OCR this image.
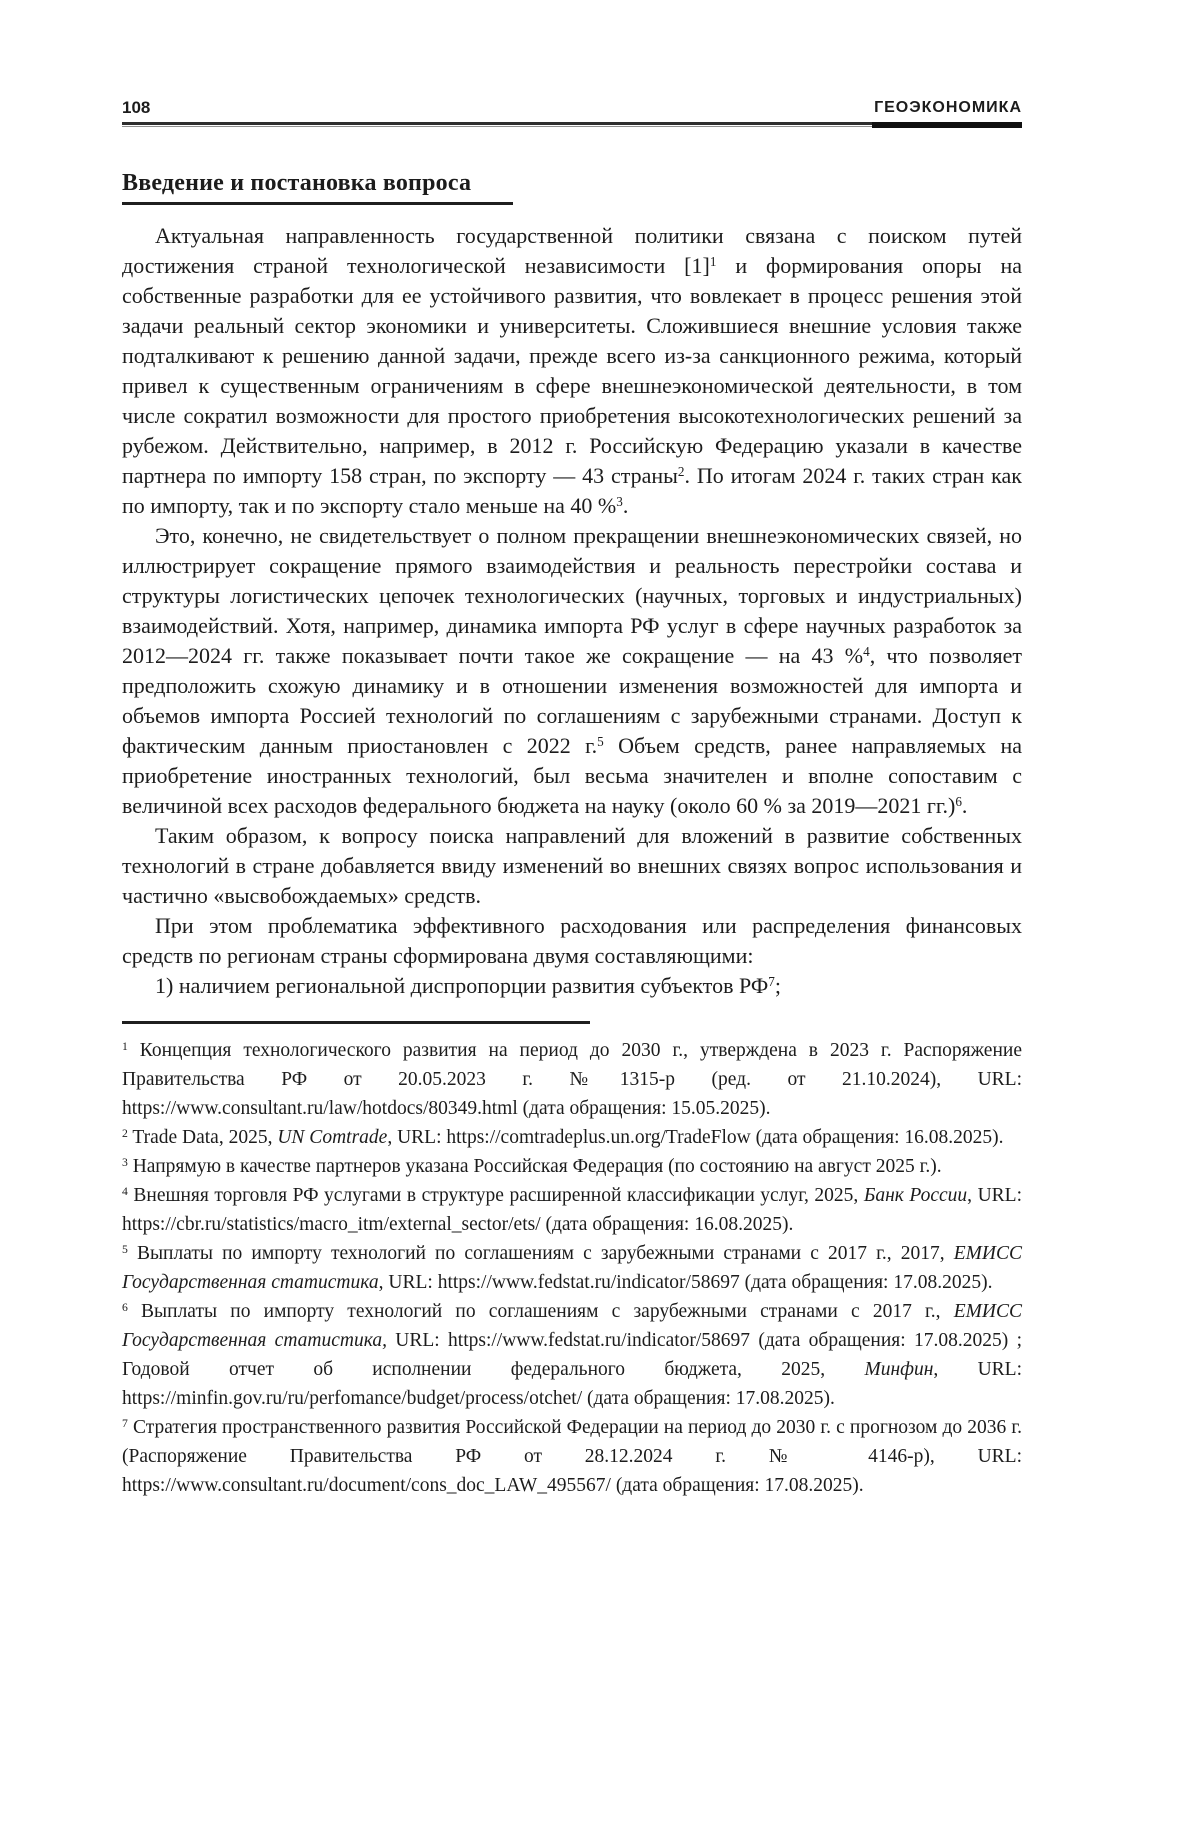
108	ГЕОЭКОНОМИКА
Введение и постановка вопроса

Актуальная направленность государственной политики связана с поиском путей достижения страной технологической независимости $[1]^1$ и формирования опоры на собственные разработки для ее устойчивого развития, что вовлекает в процесс решения этой задачи реальный сектор экономики и университеты. Сложившиеся внешние условия также подталкивают к решению данной задачи, прежде всего из-за санкционного режима, который привел к существенным ограничениям в сфере внешнеэкономической деятельности, в том числе сократил возможности для простого приобретения высокотехнологических решений за рубежом. Действительно, например, в 2012 г. Российскую Федерацию указали в качестве партнера по импорту 158 стран, по экспорту — 43 страны$^2$. По итогам 2024 г. таких стран как по импорту, так и по экспорту стало меньше на 40 %$^3$.

Это, конечно, не свидетельствует о полном прекращении внешнеэкономических связей, но иллюстрирует сокращение прямого взаимодействия и реальность перестройки состава и структуры логистических цепочек технологических (научных, торговых и индустриальных) взаимодействий. Хотя, например, динамика импорта РФ услуг в сфере научных разработок за 2012—2024 гг. также показывает почти такое же сокращение — на 43 %$^4$, что позволяет предположить схожую динамику и в отношении изменения возможностей для импорта и объемов импорта Россией технологий по соглашениям с зарубежными странами. Доступ к фактическим данным приостановлен с 2022 г.$^5$ Объем средств, ранее направляемых на приобретение иностранных технологий, был весьма значителен и вполне сопоставим с величиной всех расходов федерального бюджета на науку (около 60 % за 2019—2021 гг.)$^6$.

Таким образом, к вопросу поиска направлений для вложений в развитие собственных технологий в стране добавляется ввиду изменений во внешних связях вопрос использования и частично «высвобождаемых» средств.

При этом проблематика эффективного расходования или распределения финансовых средств по регионам страны сформирована двумя составляющими:

1) наличием региональной диспропорции развития субъектов $РФ^7$;

$^1$ Концепция технологического развития на период до 2030 г., утверждена в 2023 г. Распоряжение Правительства РФ от 20.05.2023 г. №1315-р (ред. от 21.10.2024), URL: https://www.consultant.ru/law/hotdocs/80349.html (дата обращения: 15.05.2025).

$^2$ Trade Data, 2025, UN Comtrade, URL: https://comtradeplus.un.org/TradeFlow (дата обращения: 16.08.2025).

$^3$ Напрямую в качестве партнеров указана Российская Федерация (по состоянию на август 2025 г.).

$^4$ Внешняя торговля РФ услугами в структуре расширенной классификации услуг, 2025, Банк России, URL: https://cbr.ru/statistics/macro_itm/external_sector/ets/ (дата обращения: 16.08.2025).

$^5$ Выплаты по импорту технологий по соглашениям с зарубежными странами с 2017 г., 2017, ЕМИСС Государственная статистика, URL: https://www.fedstat.ru/indicator/58697 (дата обращения: 17.08.2025).

$^6$ Выплаты по импорту технологий по соглашениям с зарубежными странами с 2017 г., ЕМИСС Государственная статистика, URL: https://www.fedstat.ru/indicator/58697 (дата обращения: 17.08.2025) ; Годовой отчет об исполнении федерального бюджета, 2025, Минфин, URL: https://minfin.gov.ru/ru/perfomance/budget/process/otchet/ (дата обращения: 17.08.2025).

$^7$ Стратегия пространственного развития Российской Федерации на период до 2030 г. с прогнозом до 2036 г. (Распоряжение Правительства РФ от 28.12.2024 г. № 4146-р), URL: https://www.consultant.ru/document/cons_doc_LAW_495567/ (дата обращения: 17.08.2025).
